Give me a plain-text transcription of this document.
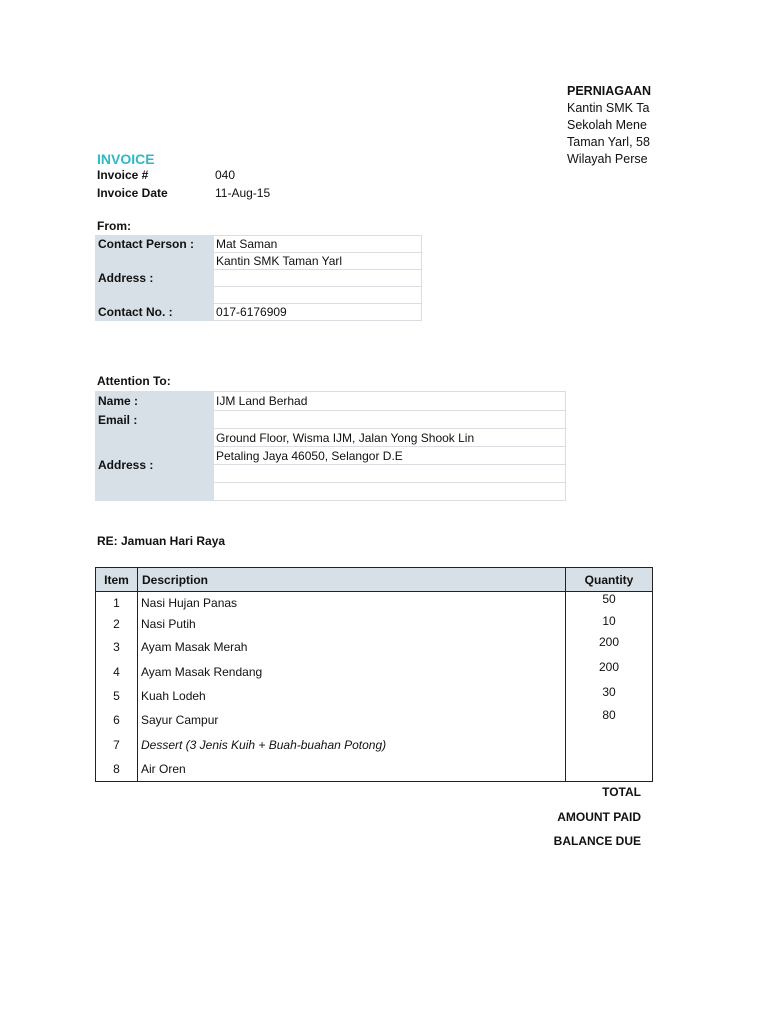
PERNIAGAAN
Kantin SMK Ta
Sekolah Mene
Taman Yarl, 58
Wilayah Perse
INVOICE
Invoice #	040
Invoice Date	11-Aug-15
From:
Contact Person :	Mat Saman
Address :	Kantin SMK Taman Yarl

Contact No. :	017-6176909
Attention To:
Name :	IJM Land Berhad
Email :	
Address :	Ground Floor, Wisma IJM, Jalan Yong Shook Lin
	Petaling Jaya 46050, Selangor D.E

RE: Jamuan Hari Raya
Item	Description	Quantity
1	Nasi Hujan Panas	50
2	Nasi Putih	10
3	Ayam Masak Merah	200
4	Ayam Masak Rendang	200
5	Kuah Lodeh	30
6	Sayur Campur	80
7	Dessert (3 Jenis Kuih + Buah-buahan Potong)	
8	Air Oren	
TOTAL
AMOUNT PAID
BALANCE DUE
